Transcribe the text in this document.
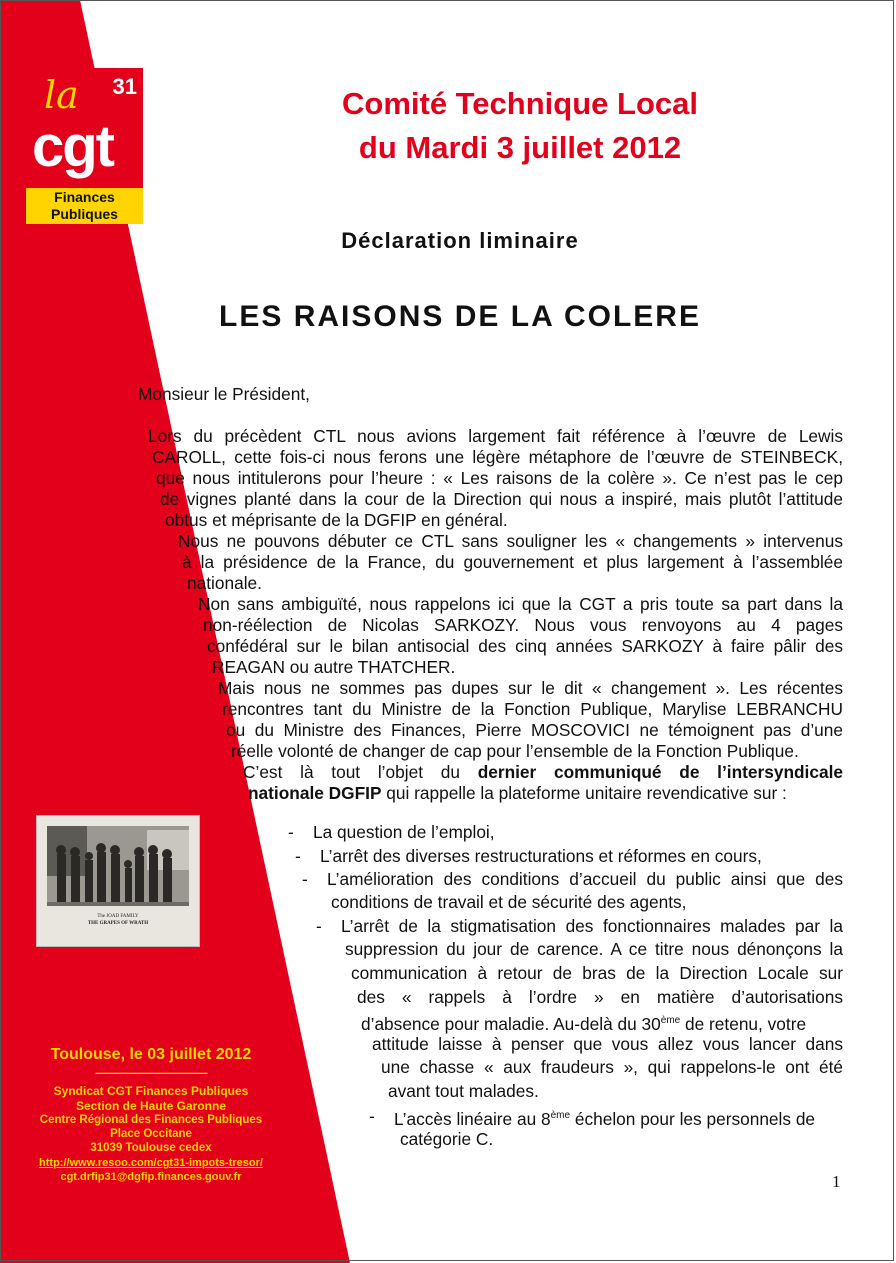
la 31
cgt
Finances
Publiques
Comité Technique Local
du Mardi 3 juillet 2012
Déclaration liminaire
LES RAISONS DE LA COLERE
Monsieur le Président,
Lors du précèdent CTL nous avions largement fait référence à l’œuvre de Lewis
CAROLL, cette fois-ci nous ferons une légère métaphore de l’œuvre de STEINBECK,
que nous intitulerons pour l’heure : « Les raisons de la colère ». Ce n’est pas le cep
de vignes planté dans la cour de la Direction qui nous a inspiré, mais plutôt l’attitude
obtus et méprisante de la DGFIP en général.
Nous ne pouvons débuter ce CTL sans souligner les « changements » intervenus
à la présidence de la France, du gouvernement et plus largement à l’assemblée
nationale.
Non sans ambiguïté, nous rappelons ici que la CGT a pris toute sa part dans la
non-réélection de Nicolas SARKOZY. Nous vous renvoyons au 4 pages
confédéral sur le bilan antisocial des cinq années SARKOZY à faire pâlir des
REAGAN ou autre THATCHER.
Mais nous ne sommes pas dupes sur le dit « changement ». Les récentes
rencontres tant du Ministre de la Fonction Publique, Marylise LEBRANCHU
ou du Ministre des Finances, Pierre MOSCOVICI ne témoignent pas d’une
réelle volonté de changer de cap pour l’ensemble de la Fonction Publique.
C’est là tout l’objet du dernier communiqué de l’intersyndicale
nationale DGFIP qui rappelle la plateforme unitaire revendicative sur :
The JOAD FAMILY
THE GRAPES OF WRATH
- La question de l’emploi,
- L’arrêt des diverses restructurations et réformes en cours,
- L’amélioration des conditions d’accueil du public ainsi que des
conditions de travail et de sécurité des agents,
- L’arrêt de la stigmatisation des fonctionnaires malades par la
suppression du jour de carence. A ce titre nous dénonçons la
communication à retour de bras de la Direction Locale sur
des « rappels à l’ordre » en matière d’autorisations
d’absence pour maladie. Au-delà du 30ème de retenu, votre
attitude laisse à penser que vous allez vous lancer dans
une chasse « aux fraudeurs », qui rappelons-le ont été
avant tout malades.
- L’accès linéaire au 8ème échelon pour les personnels de
catégorie C.
Toulouse, le 03 juillet 2012
------------------------------------------------
Syndicat CGT Finances Publiques
Section de Haute Garonne
Centre Régional des Finances Publiques
Place Occitane
31039 Toulouse cedex
http://www.resoo.com/cgt31-impots-tresor/
cgt.drfip31@dgfip.finances.gouv.fr	1
